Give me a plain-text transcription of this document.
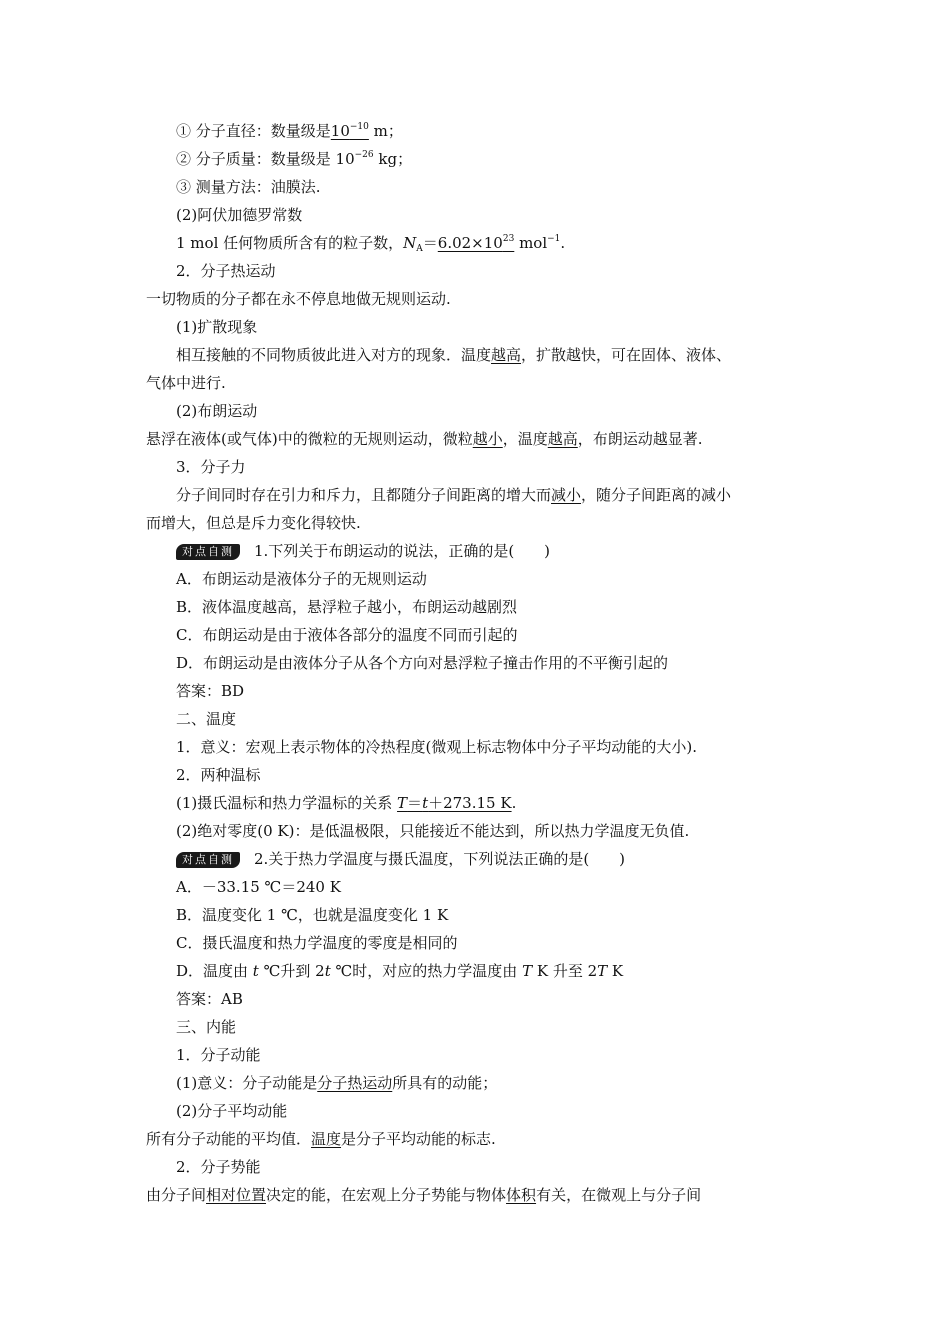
① 分子直径：数量级是$10^{-10}$ m；
② 分子质量：数量级是 $10^{-26}$ kg；
③ 测量方法：油膜法.
(2)阿伏加德罗常数
1 mol 任何物质所含有的粒子数，$N_A=6.02\times 10^{23}$ mol$^{-1}$.
2．分子热运动
一切物质的分子都在永不停息地做无规则运动.
(1)扩散现象
相互接触的不同物质彼此进入对方的现象．温度越高，扩散越快，可在固体、液体、
气体中进行.
(2)布朗运动
悬浮在液体(或气体)中的微粒的无规则运动，微粒越小，温度越高，布朗运动越显著.
3．分子力
分子间同时存在引力和斥力，且都随分子间距离的增大而减小，随分子间距离的减小
而增大，但总是斥力变化得较快.
对点自测 1.下列关于布朗运动的说法，正确的是(　　)
A．布朗运动是液体分子的无规则运动
B．液体温度越高，悬浮粒子越小，布朗运动越剧烈
C．布朗运动是由于液体各部分的温度不同而引起的
D．布朗运动是由液体分子从各个方向对悬浮粒子撞击作用的不平衡引起的
答案：BD
二、温度
1．意义：宏观上表示物体的冷热程度(微观上标志物体中分子平均动能的大小).
2．两种温标
(1)摄氏温标和热力学温标的关系 T＝t＋273.15 K.
(2)绝对零度(0 K)：是低温极限，只能接近不能达到，所以热力学温度无负值.
对点自测 2.关于热力学温度与摄氏温度，下列说法正确的是(　　)
A．－33.15 ℃＝240 K
B．温度变化 1 ℃，也就是温度变化 1 K
C．摄氏温度和热力学温度的零度是相同的
D．温度由 t ℃升到 2t ℃时，对应的热力学温度由 T K 升至 2T K
答案：AB
三、内能
1．分子动能
(1)意义：分子动能是分子热运动所具有的动能；
(2)分子平均动能
所有分子动能的平均值．温度是分子平均动能的标志.
2．分子势能
由分子间相对位置决定的能，在宏观上分子势能与物体体积有关，在微观上与分子间
